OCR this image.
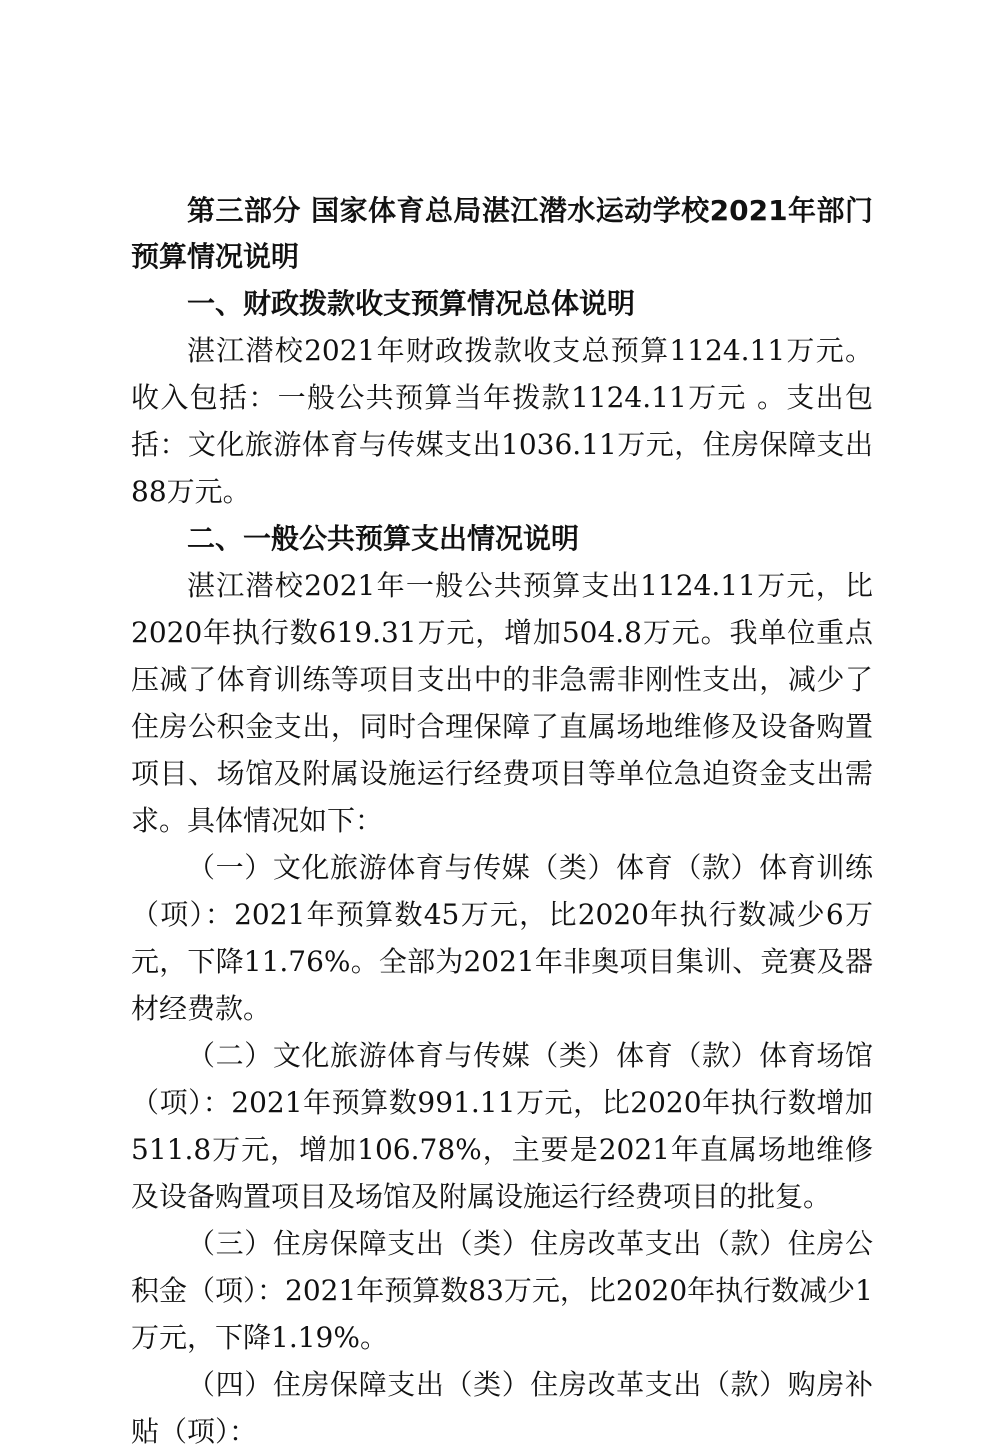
第三部分 国家体育总局湛江潜水运动学校2021年部门预算情况说明

一、财政拨款收支预算情况总体说明

湛江潜校2021年财政拨款收支总预算1124.11万元。收入包括：一般公共预算当年拨款1124.11万元 。支出包括：文化旅游体育与传媒支出1036.11万元，住房保障支出88万元。

二、一般公共预算支出情况说明

湛江潜校2021年一般公共预算支出1124.11万元，比2020年执行数619.31万元，增加504.8万元。我单位重点压减了体育训练等项目支出中的非急需非刚性支出，减少了住房公积金支出，同时合理保障了直属场地维修及设备购置项目、场馆及附属设施运行经费项目等单位急迫资金支出需求。具体情况如下：

（一）文化旅游体育与传媒（类）体育（款）体育训练（项）：2021年预算数45万元，比2020年执行数减少6万元，下降11.76%。全部为2021年非奥项目集训、竞赛及器材经费款。

（二）文化旅游体育与传媒（类）体育（款）体育场馆（项）：2021年预算数991.11万元，比2020年执行数增加511.8万元，增加106.78%，主要是2021年直属场地维修及设备购置项目及场馆及附属设施运行经费项目的批复。

（三）住房保障支出（类）住房改革支出（款）住房公积金（项）：2021年预算数83万元，比2020年执行数减少1万元，下降1.19%。

（四）住房保障支出（类）住房改革支出（款）购房补贴（项）：
